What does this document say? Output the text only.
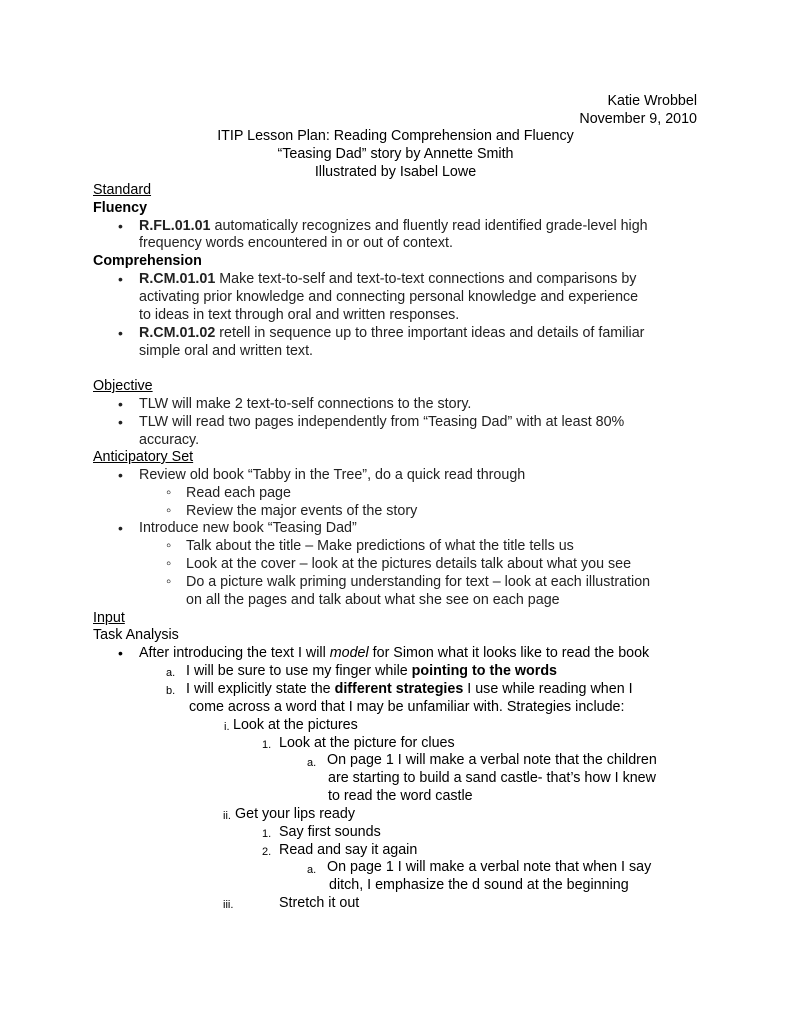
Katie Wrobbel
November 9, 2010
ITIP Lesson Plan: Reading Comprehension and Fluency
“Teasing Dad” story by Annette Smith
Illustrated by Isabel Lowe
Standard
Fluency
• R.FL.01.01 automatically recognizes and fluently read identified grade-level high
frequency words encountered in or out of context.
Comprehension
• R.CM.01.01 Make text-to-self and text-to-text connections and comparisons by
activating prior knowledge and connecting personal knowledge and experience
to ideas in text through oral and written responses.
• R.CM.01.02 retell in sequence up to three important ideas and details of familiar
simple oral and written text.
Objective
• TLW will make 2 text-to-self connections to the story.
• TLW will read two pages independently from “Teasing Dad” with at least 80%
accuracy.
Anticipatory Set
• Review old book “Tabby in the Tree”, do a quick read through
◦ Read each page
◦ Review the major events of the story
• Introduce new book “Teasing Dad”
◦ Talk about the title – Make predictions of what the title tells us
◦ Look at the cover – look at the pictures details talk about what you see
◦ Do a picture walk priming understanding for text – look at each illustration
on all the pages and talk about what she see on each page
Input
Task Analysis
• After introducing the text I will model for Simon what it looks like to read the book
a. I will be sure to use my finger while pointing to the words
b. I will explicitly state the different strategies I use while reading when I
come across a word that I may be unfamiliar with. Strategies include:
i. Look at the pictures
1. Look at the picture for clues
a. On page 1 I will make a verbal note that the children
are starting to build a sand castle- that’s how I knew
to read the word castle
ii. Get your lips ready
1. Say first sounds
2. Read and say it again
a. On page 1 I will make a verbal note that when I say
ditch, I emphasize the d sound at the beginning
iii.	Stretch it out
